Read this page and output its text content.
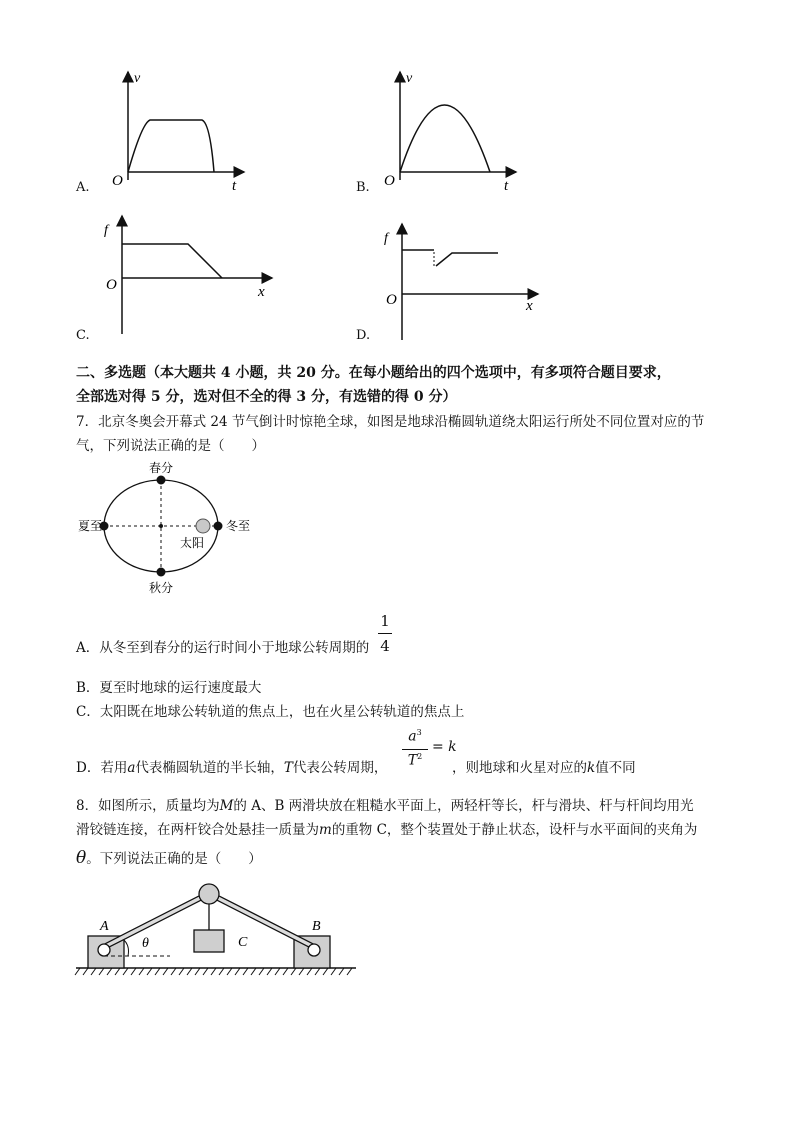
A.
v
O	t	B.
v
O	t
C.
f
O	x
D.
f
O	x
二、多选题（本大题共 4 小题，共 20 分。在每小题给出的四个选项中，有多项符合题目要求，
全部选对得 5 分，选对但不全的得 3 分，有选错的得 0 分）
7．北京冬奥会开幕式 24 节气倒计时惊艳全球，如图是地球沿椭圆轨道绕太阳运行所处不同位置对应的节
气，下列说法正确的是（　　）
春分
夏至	冬至
秋分
太阳
A．从冬至到春分的运行时间小于地球公转周期的
1
4
B．夏至时地球的运行速度最大
C．太阳既在地球公转轨道的焦点上，也在火星公转轨道的焦点上
D．若用a代表椭圆轨道的半长轴，T代表公转周期，
$a^3$
$T^2$
= k
，则地球和火星对应的k值不同
8．如图所示，质量均为M的 A、B 两滑块放在粗糙水平面上，两轻杆等长，杆与滑块、杆与杆间均用光
滑铰链连接，在两杆铰合处悬挂一质量为m的重物 C，整个装置处于静止状态，设杆与水平面间的夹角为
θ。下列说法正确的是（　　）
A	B
C
θ
